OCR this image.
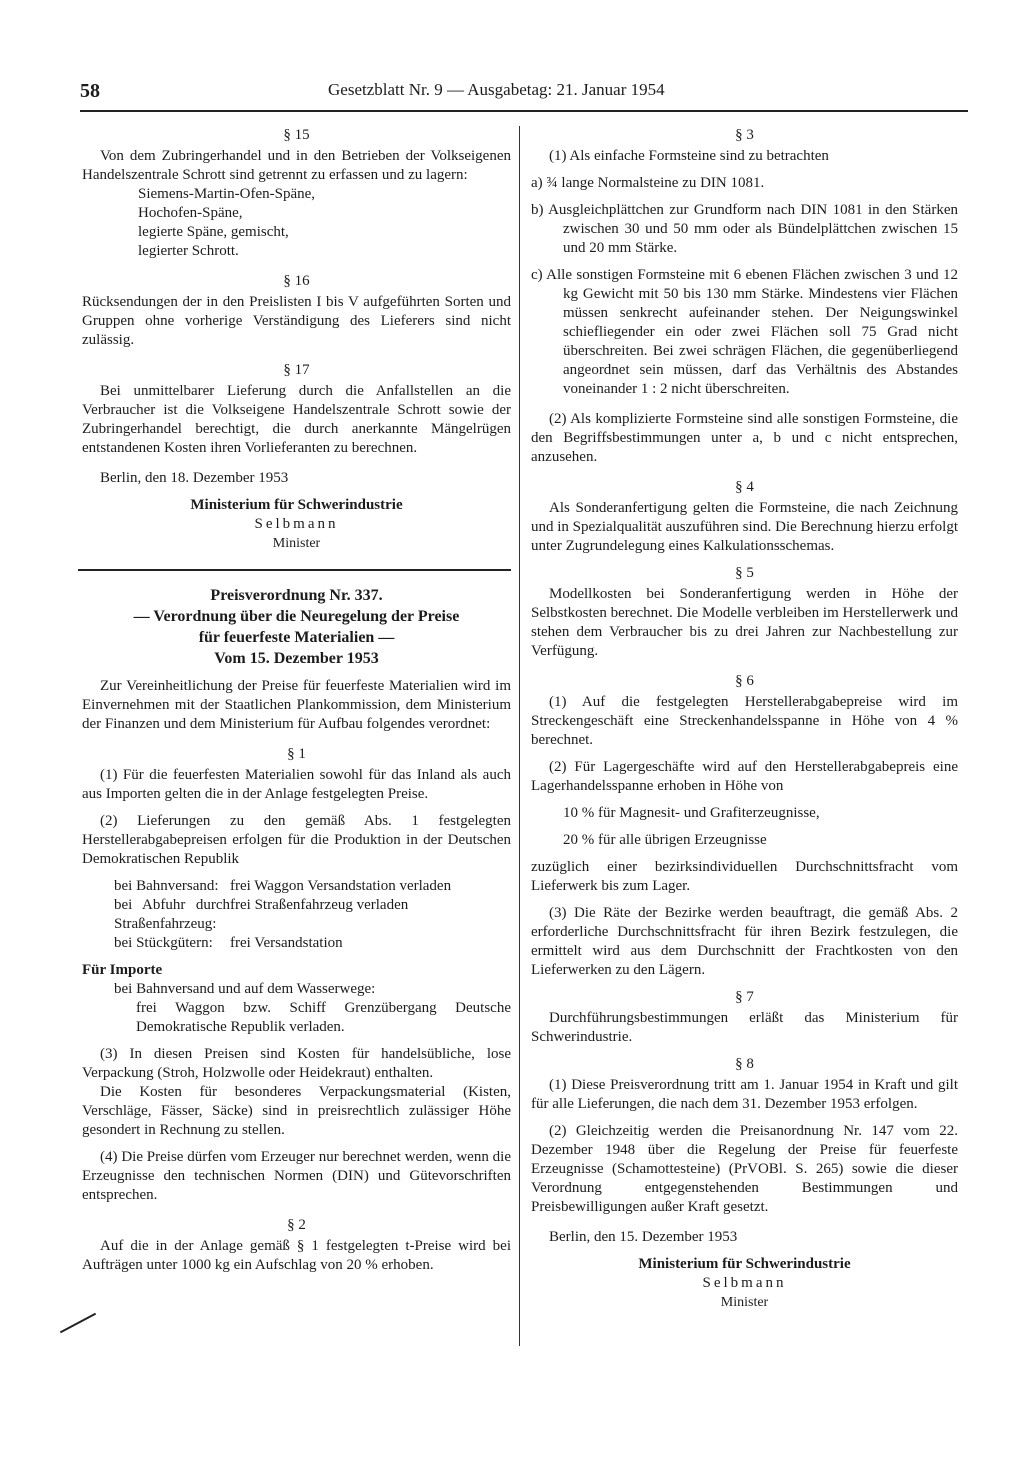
58	Gesetzblatt Nr. 9 — Ausgabetag: 21. Januar 1954

§ 15

Von dem Zubringerhandel und in den Betrieben der Volkseigenen Handelszentrale Schrott sind getrennt zu erfassen und zu lagern:

Siemens-Martin-Ofen-Späne,

Hochofen-Späne,

legierte Späne, gemischt,

legierter Schrott.

§ 16

Rücksendungen der in den Preislisten I bis V aufgeführten Sorten und Gruppen ohne vorherige Verständigung des Lieferers sind nicht zulässig.

§ 17

Bei unmittelbarer Lieferung durch die Anfallstellen an die Verbraucher ist die Volkseigene Handelszentrale Schrott sowie der Zubringerhandel berechtigt, die durch anerkannte Mängelrügen entstandenen Kosten ihren Vorlieferanten zu berechnen.

Berlin, den 18. Dezember 1953

Ministerium für Schwerindustrie

Selbmann

Minister

Preisverordnung Nr. 337.

— Verordnung über die Neuregelung der Preise

für feuerfeste Materialien —

Vom 15. Dezember 1953

Zur Vereinheitlichung der Preise für feuerfeste Materialien wird im Einvernehmen mit der Staatlichen Plankommission, dem Ministerium der Finanzen und dem Ministerium für Aufbau folgendes verordnet:

§ 1

(1) Für die feuerfesten Materialien sowohl für das Inland als auch aus Importen gelten die in der Anlage festgelegten Preise.

(2) Lieferungen zu den gemäß Abs. 1 festgelegten Herstellerabgabepreisen erfolgen für die Produktion in der Deutschen Demokratischen Republik

bei Bahnversand: frei Waggon Versandstation verladen
bei Abfuhr durch Straßenfahrzeug:
frei Straßenfahrzeug verladen
bei Stückgütern:	frei Versandstation

Für Importe

bei Bahnversand und auf dem Wasserwege:

frei Waggon bzw. Schiff Grenzübergang Deutsche Demokratische Republik verladen.

(3) In diesen Preisen sind Kosten für handelsübliche, lose Verpackung (Stroh, Holzwolle oder Heidekraut) enthalten.

Die Kosten für besonderes Verpackungsmaterial (Kisten, Verschläge, Fässer, Säcke) sind in preisrechtlich zulässiger Höhe gesondert in Rechnung zu stellen.

(4) Die Preise dürfen vom Erzeuger nur berechnet werden, wenn die Erzeugnisse den technischen Normen (DIN) und Gütevorschriften entsprechen.

§ 2

Auf die in der Anlage gemäß § 1 festgelegten t-Preise wird bei Aufträgen unter 1000 kg ein Aufschlag von 20 % erhoben.

§ 3

(1) Als einfache Formsteine sind zu betrachten

a) ¾ lange Normalsteine zu DIN 1081.

b) Ausgleichplättchen zur Grundform nach DIN 1081 in den Stärken zwischen 30 und 50 mm oder als Bündelplättchen zwischen 15 und 20 mm Stärke.

c) Alle sonstigen Formsteine mit 6 ebenen Flächen zwischen 3 und 12 kg Gewicht mit 50 bis 130 mm Stärke. Mindestens vier Flächen müssen senkrecht aufeinander stehen. Der Neigungswinkel schiefliegender ein oder zwei Flächen soll 75 Grad nicht überschreiten. Bei zwei schrägen Flächen, die gegenüberliegend angeordnet sein müssen, darf das Verhältnis des Abstandes voneinander 1 : 2 nicht überschreiten.

(2) Als komplizierte Formsteine sind alle sonstigen Formsteine, die den Begriffsbestimmungen unter a, b und c nicht entsprechen, anzusehen.

§ 4

Als Sonderanfertigung gelten die Formsteine, die nach Zeichnung und in Spezialqualität auszuführen sind. Die Berechnung hierzu erfolgt unter Zugrundelegung eines Kalkulationsschemas.

§ 5

Modellkosten bei Sonderanfertigung werden in Höhe der Selbstkosten berechnet. Die Modelle verbleiben im Herstellerwerk und stehen dem Verbraucher bis zu drei Jahren zur Nachbestellung zur Verfügung.

§ 6

(1) Auf die festgelegten Herstellerabgabepreise wird im Streckengeschäft eine Streckenhandelsspanne in Höhe von 4 % berechnet.

(2) Für Lagergeschäfte wird auf den Herstellerabgabepreis eine Lagerhandelsspanne erhoben in Höhe von

10 % für Magnesit- und Grafiterzeugnisse,

20 % für alle übrigen Erzeugnisse

zuzüglich einer bezirksindividuellen Durchschnittsfracht vom Lieferwerk bis zum Lager.

(3) Die Räte der Bezirke werden beauftragt, die gemäß Abs. 2 erforderliche Durchschnittsfracht für ihren Bezirk festzulegen, die ermittelt wird aus dem Durchschnitt der Frachtkosten von den Lieferwerken zu den Lägern.

§ 7

Durchführungsbestimmungen erläßt das Ministerium für Schwerindustrie.

§ 8

(1) Diese Preisverordnung tritt am 1. Januar 1954 in Kraft und gilt für alle Lieferungen, die nach dem 31. Dezember 1953 erfolgen.

(2) Gleichzeitig werden die Preisanordnung Nr. 147 vom 22. Dezember 1948 über die Regelung der Preise für feuerfeste Erzeugnisse (Schamottesteine) (PrVOBl. S. 265) sowie die dieser Verordnung entgegenstehenden Bestimmungen und Preisbewilligungen außer Kraft gesetzt.

Berlin, den 15. Dezember 1953

Ministerium für Schwerindustrie

Selbmann

Minister
